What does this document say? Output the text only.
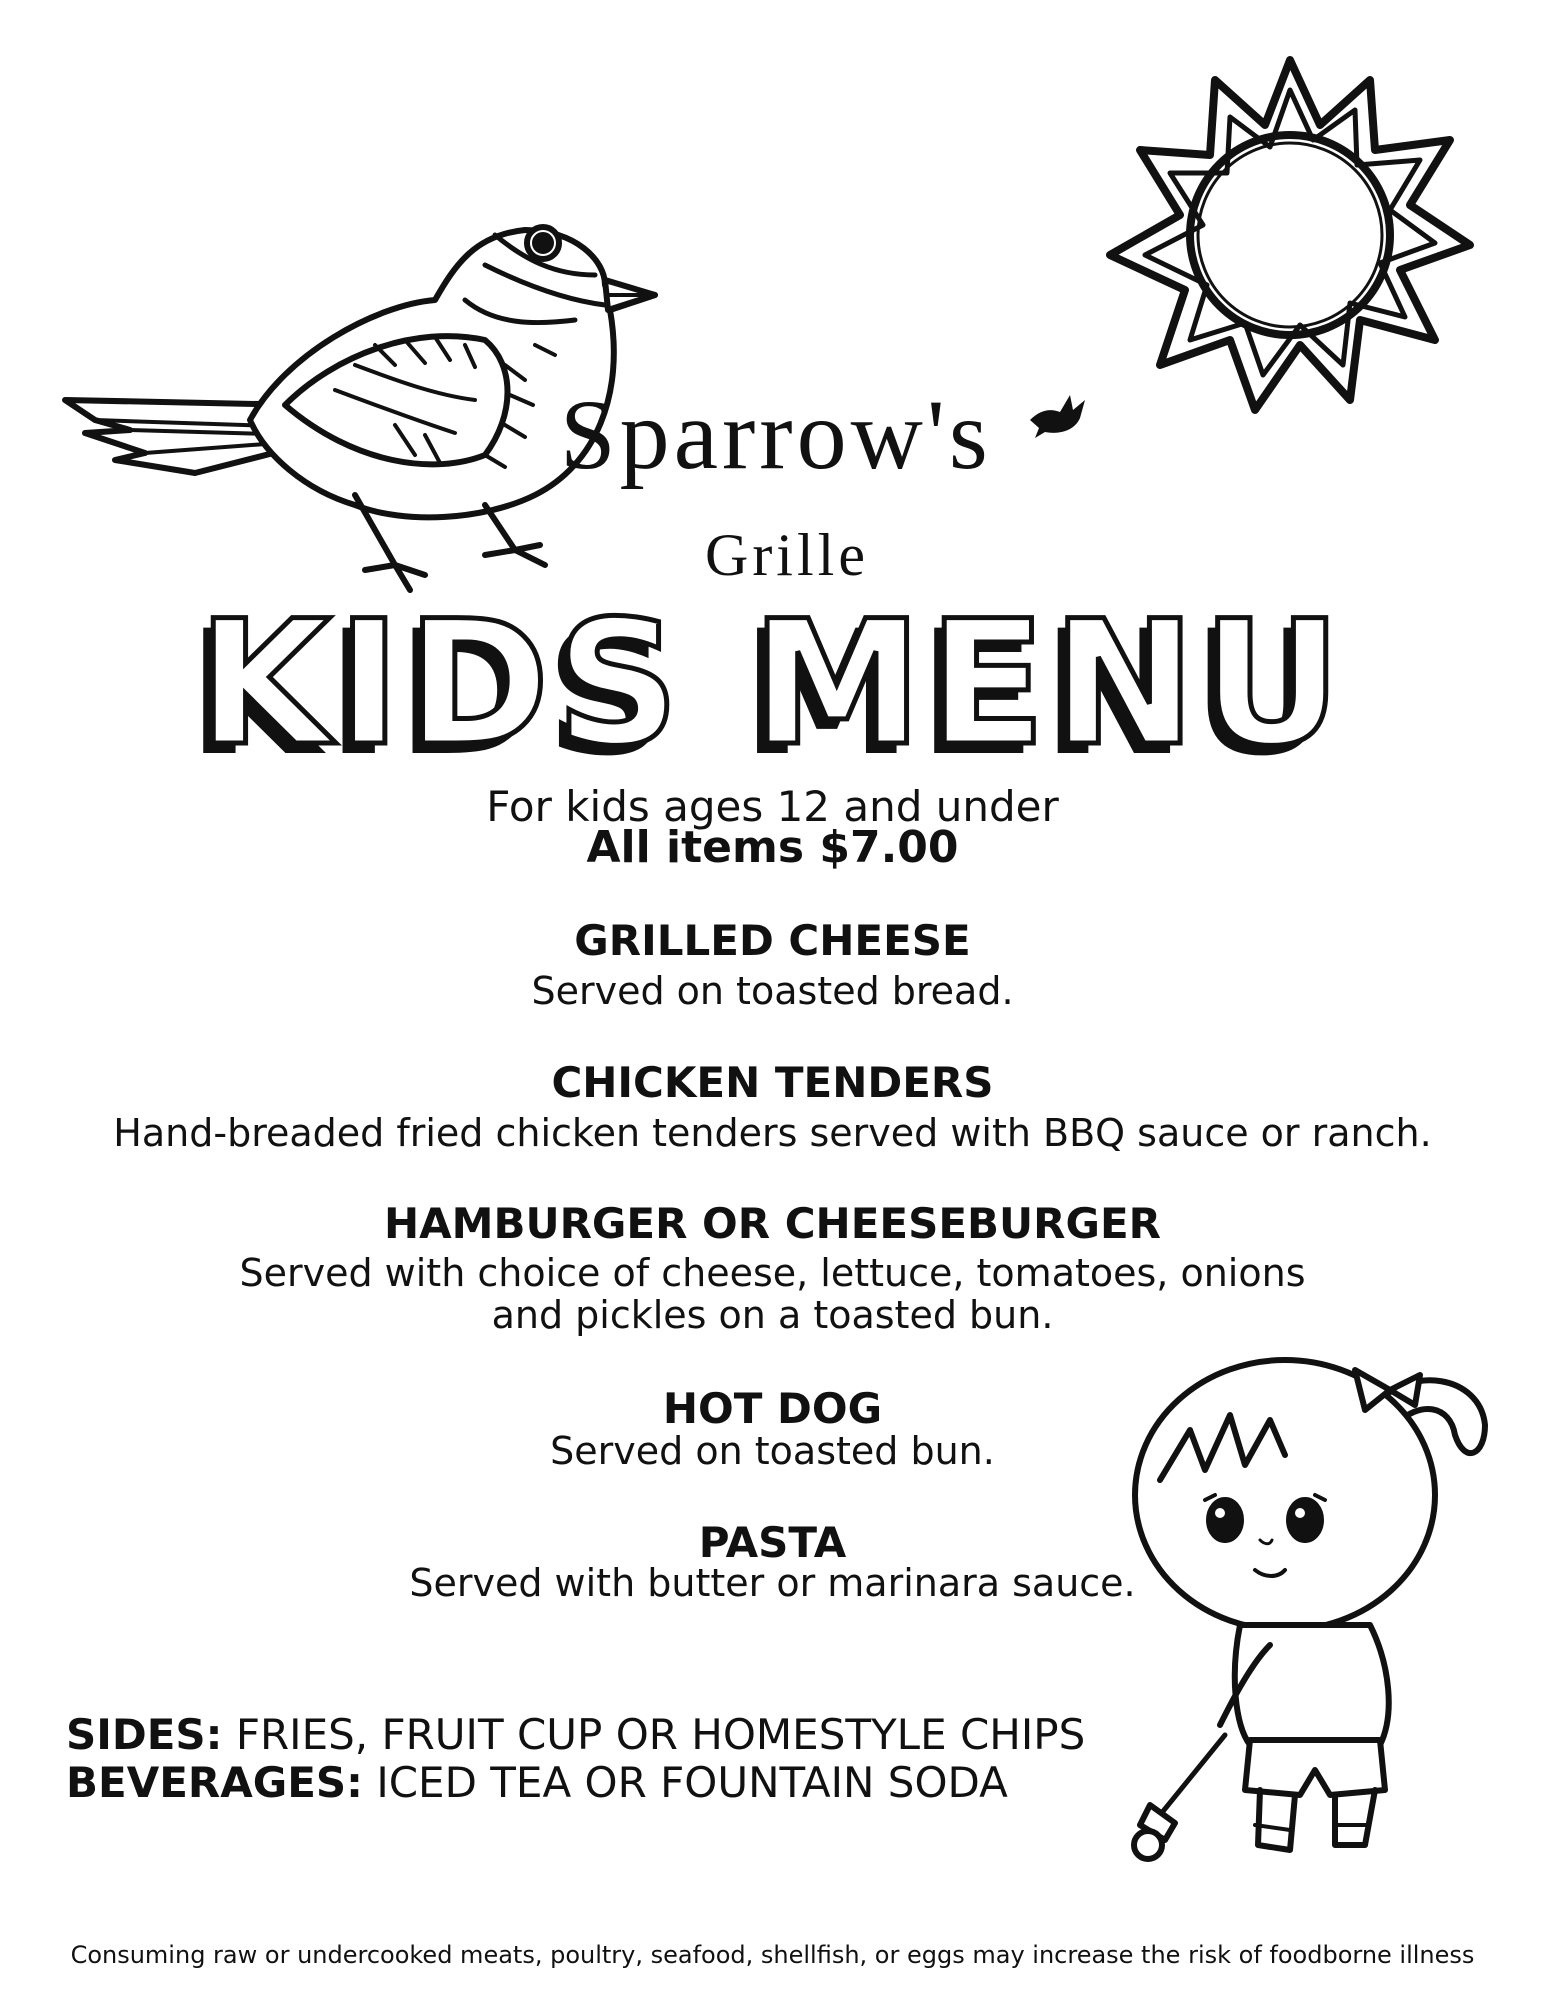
Sparrow's
Grille
KIDS MENU
For kids ages 12 and under
All items $7.00
GRILLED CHEESE
Served on toasted bread.
CHICKEN TENDERS
Hand-breaded fried chicken tenders served with BBQ sauce or ranch.
HAMBURGER OR CHEESEBURGER
Served with choice of cheese, lettuce, tomatoes, onions
and pickles on a toasted bun.
HOT DOG
Served on toasted bun.
PASTA
Served with butter or marinara sauce.
SIDES: FRIES, FRUIT CUP OR HOMESTYLE CHIPS
BEVERAGES: ICED TEA OR FOUNTAIN SODA
Consuming raw or undercooked meats, poultry, seafood, shellfish, or eggs may increase the risk of foodborne illness
